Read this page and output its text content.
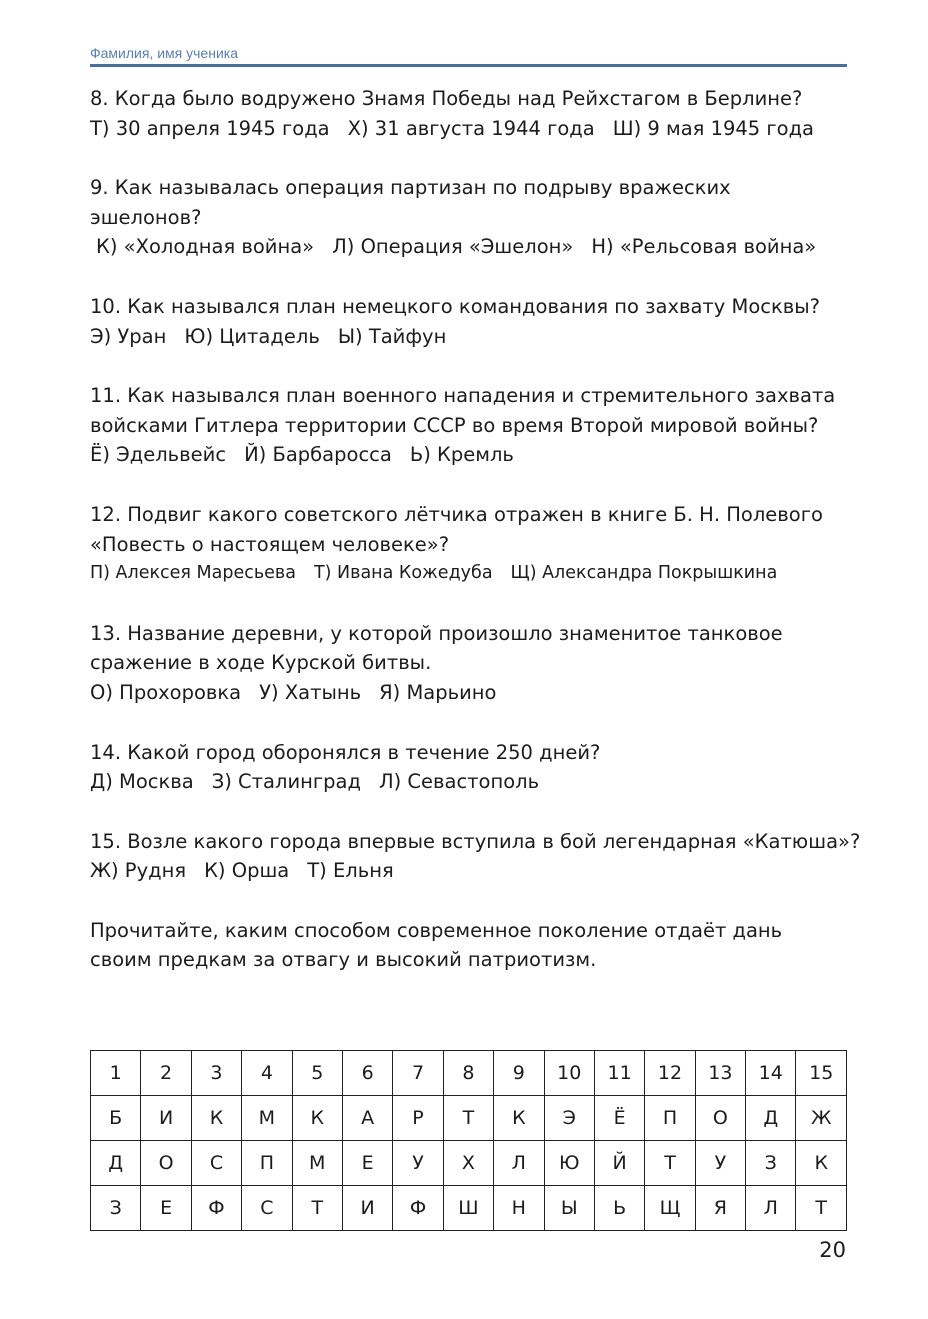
Фамилия, имя ученика

8. Когда было водружено Знамя Победы над Рейхстагом в Берлине?

Т) 30 апреля 1945 года Х) 31 августа 1944 года Ш) 9 мая 1945 года

9. Как называлась операция партизан по подрыву вражеских

эшелонов?

К) «Холодная война» Л) Операция «Эшелон» Н) «Рельсовая война»

10. Как назывался план немецкого командования по захвату Москвы?

Э) Уран Ю) Цитадель Ы) Тайфун

11. Как назывался план военного нападения и стремительного захвата

войсками Гитлера территории СССР во время Второй мировой войны?

Ё) Эдельвейс Й) Барбаросса Ь) Кремль

12. Подвиг какого советского лётчика отражен в книге Б. Н. Полевого

«Повесть о настоящем человеке»?

П) Алексея Маресьева Т) Ивана Кожедуба Щ) Александра Покрышкина

13. Название деревни, у которой произошло знаменитое танковое

сражение в ходе Курской битвы.

О) Прохоровка У) Хатынь Я) Марьино

14. Какой город оборонялся в течение 250 дней?

Д) Москва З) Сталинград Л) Севастополь

15. Возле какого города впервые вступила в бой легендарная «Катюша»?

Ж) Рудня К) Орша Т) Ельня

Прочитайте, каким способом современное поколение отдаёт дань

своим предкам за отвагу и высокий патриотизм.

1	2	3	4	5	6	7	8	9	10	11	12	13	14	15
Б	И	К	М	К	А	Р	Т	К	Э	Ё	П	О	Д	Ж
Д	О	С	П	М	Е	У	Х	Л	Ю	Й	Т	У	З	К
З	Е	Ф	С	Т	И	Ф	Ш	Н	Ы	Ь	Щ	Я	Л	Т
20
